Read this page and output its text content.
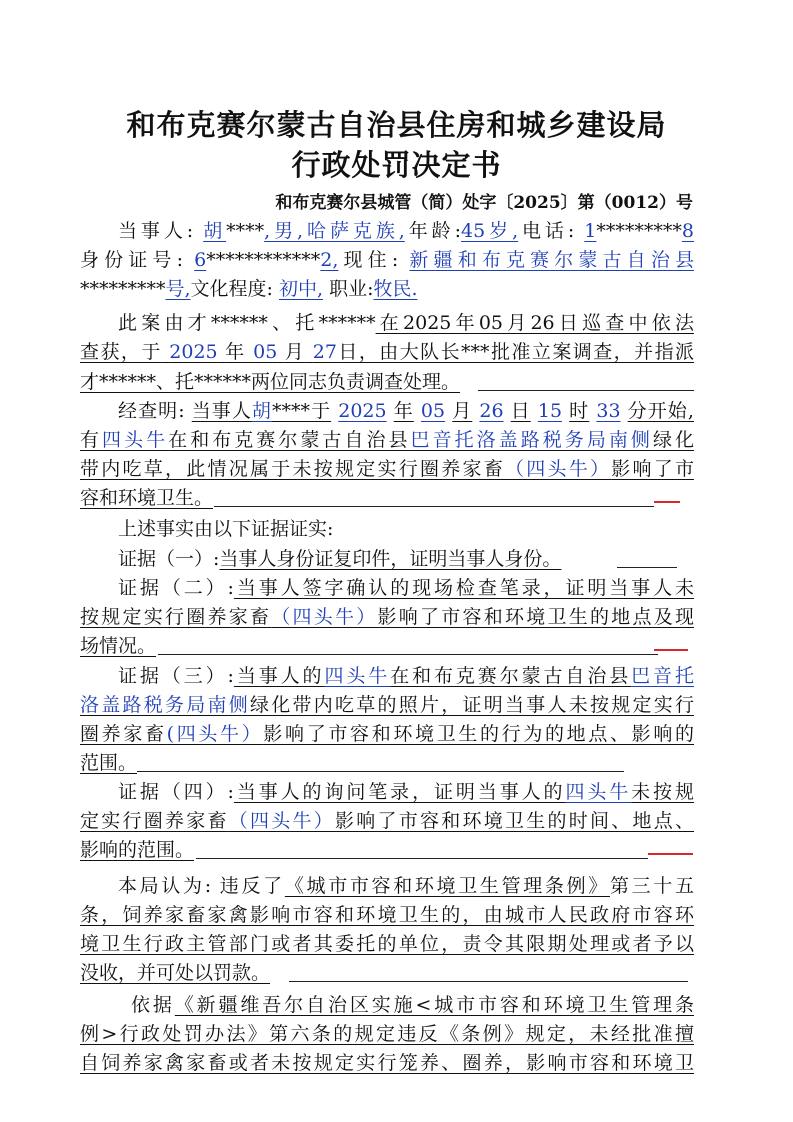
和布克赛尔蒙古自治县住房和城乡建设局
行政处罚决定书
和布克赛尔县城管（简）处字〔2025〕第（0012）号
当事人: 胡****,男,哈萨克族,年龄:45岁,电话: 1*********8
身份证号: 6************2,现住: 新疆和布克赛尔蒙古自治县
*********号,文化程度: 初中, 职业:牧民.
此案由才******、托******在2025年05月26日巡查中依法
查获，于 2025 年 05 月 27日，由大队长***批准立案调查，并指派
才******、托******两位同志负责调查处理。
经查明: 当事人胡****于 2025 年 05 月 26 日 15 时 33 分开始,
有四头牛在和布克赛尔蒙古自治县巴音托洛盖路税务局南侧绿化
带内吃草，此情况属于未按规定实行圈养家畜（四头牛）影响了市
容和环境卫生。
上述事实由以下证据证实:
证据（一）:当事人身份证复印件，证明当事人身份。
证据（二）:当事人签字确认的现场检查笔录，证明当事人未
按规定实行圈养家畜（四头牛）影响了市容和环境卫生的地点及现
场情况。
证据（三）:当事人的四头牛在和布克赛尔蒙古自治县巴音托
洛盖路税务局南侧绿化带内吃草的照片，证明当事人未按规定实行
圈养家畜(四头牛）影响了市容和环境卫生的行为的地点、影响的
范围。
证据（四）:当事人的询问笔录，证明当事人的四头牛未按规
定实行圈养家畜（四头牛）影响了市容和环境卫生的时间、地点、
影响的范围。
本局认为: 违反了《城市市容和环境卫生管理条例》第三十五
条，饲养家畜家禽影响市容和环境卫生的，由城市人民政府市容环
境卫生行政主管部门或者其委托的单位，责令其限期处理或者予以
没收，并可处以罚款。
依据《新疆维吾尔自治区实施<城市市容和环境卫生管理条
例>行政处罚办法》第六条的规定违反《条例》规定，未经批准擅
自饲养家禽家畜或者未按规定实行笼养、圈养，影响市容和环境卫
